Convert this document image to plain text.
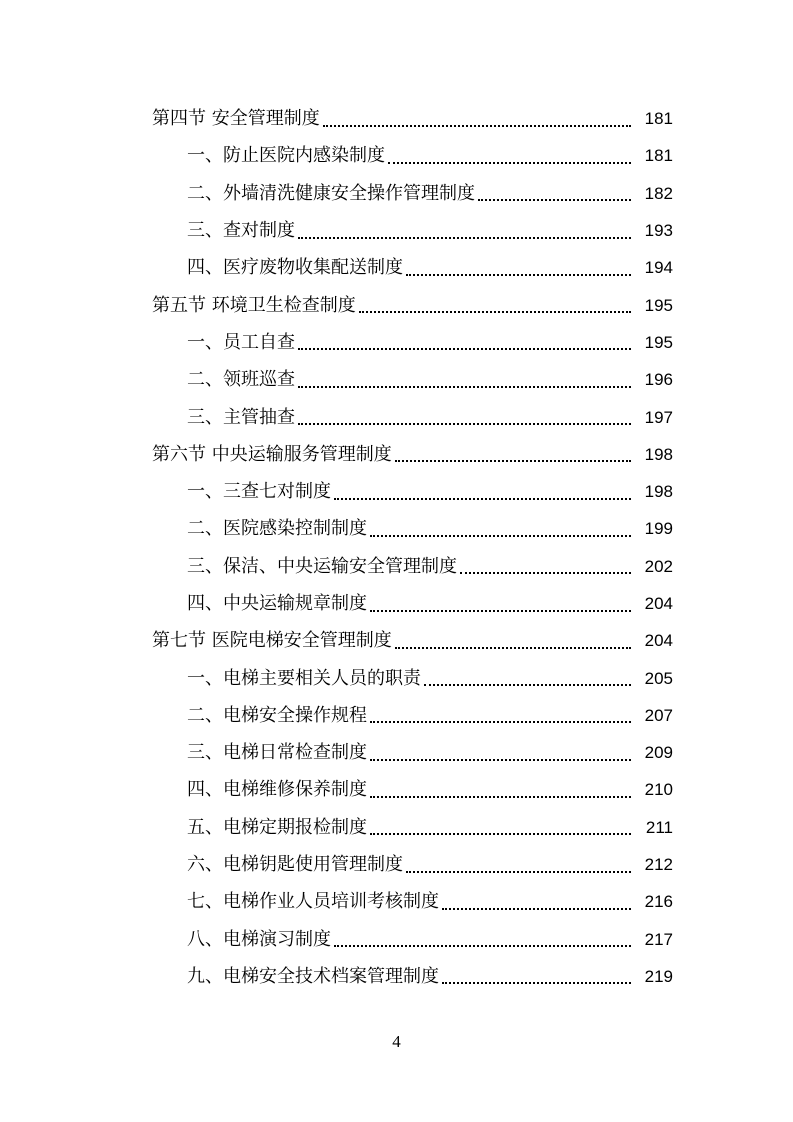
第四节 安全管理制度	181
一、防止医院内感染制度	181
二、外墙清洗健康安全操作管理制度	182
三、查对制度	193
四、医疗废物收集配送制度	194
第五节 环境卫生检查制度	195
一、员工自查	195
二、领班巡查	196
三、主管抽查	197
第六节 中央运输服务管理制度	198
一、三查七对制度	198
二、医院感染控制制度	199
三、保洁、中央运输安全管理制度	202
四、中央运输规章制度	204
第七节 医院电梯安全管理制度	204
一、电梯主要相关人员的职责	205
二、电梯安全操作规程	207
三、电梯日常检查制度	209
四、电梯维修保养制度	210
五、电梯定期报检制度	211
六、电梯钥匙使用管理制度	212
七、电梯作业人员培训考核制度	216
八、电梯演习制度	217
九、电梯安全技术档案管理制度	219
4
